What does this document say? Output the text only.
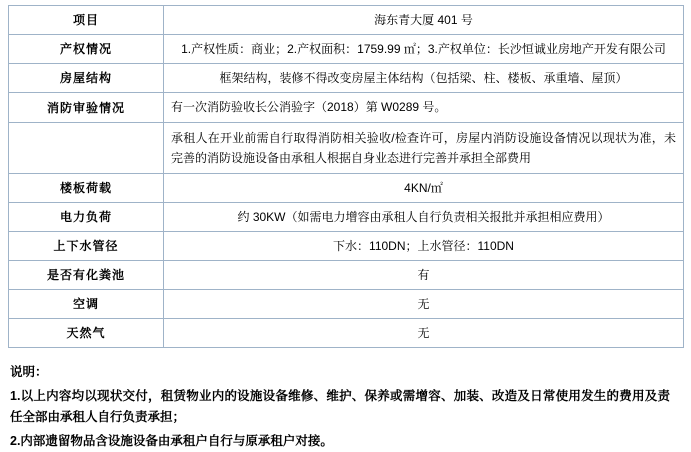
项目	海东青大厦 401 号
产权情况	1.产权性质：商业；2.产权面积：1759.99 ㎡；3.产权单位：长沙恒诚业房地产开发有限公司
房屋结构	框架结构，装修不得改变房屋主体结构（包括梁、柱、楼板、承重墙、屋顶）
消防审验情况	有一次消防验收长公消验字（2018）第 W0289 号。
	承租人在开业前需自行取得消防相关验收/检查许可，房屋内消防设施设备情况以现状为准，未完善的消防设施设备由承租人根据自身业态进行完善并承担全部费用
楼板荷载	4KN/㎡
电力负荷	约 30KW（如需电力增容由承租人自行负责相关报批并承担相应费用）
上下水管径	下水：110DN；上水管径：110DN
是否有化粪池	有
空调	无
天然气	无
说明：
1.以上内容均以现状交付，租赁物业内的设施设备维修、维护、保养或需增容、加装、改造及日常使用发生的费用及责任全部由承租人自行负责承担；
2.内部遗留物品含设施设备由承租户自行与原承租户对接。
